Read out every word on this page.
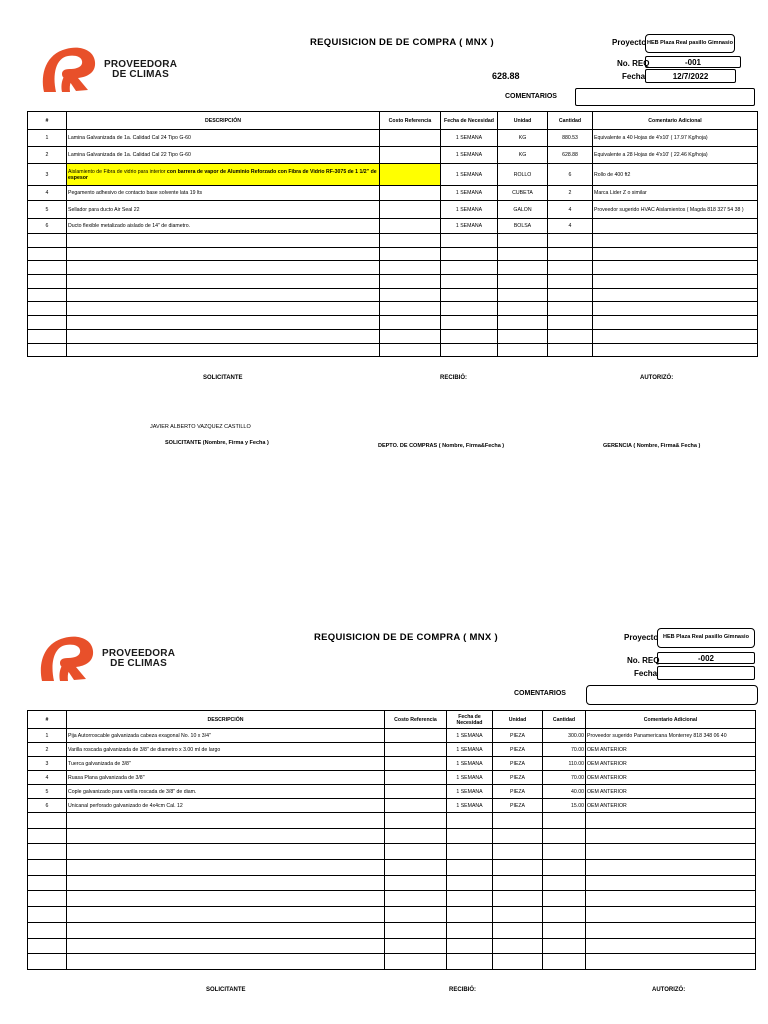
PROVEEDORA
DE CLIMAS
REQUISICION DE DE COMPRA ( MNX )	Proyecto HEB Plaza Real pasillo Gimnasio
No. REQ	-001
Fecha	12/7/2022
628.88
COMENTARIOS
#	DESCRIPCIÓN	Costo Referencia	Fecha de Necesidad	Unidad	Cantidad	Comentario Adicional
1	Lamina Galvanizada de 1a. Calidad Cal 24 Tipo G-60		1 SEMANA	KG	880.53	Equivalente a 40 Hojas de 4'x10' ( 17.97 Kg/hoja)
2	Lamina Galvanizada de 1a. Calidad Cal 22 Tipo G-60		1 SEMANA	KG	628.88	Equivalente a 28 Hojas de 4'x10' ( 22.46 Kg/hoja)
3	Aislamiento de Fibra de vidrio para interior con barrera de vapor de Aluminio Reforzado con Fibra de Vidrio RF-3075 de 1 1/2" de espesor		1 SEMANA	ROLLO	6	Rollo de 400 ft2
4	Pegamento adhesivo de contacto base solvente lata 19 lts		1 SEMANA	CUBETA	2	Marca Lider Z o similar
5	Sellador para ducto Air Seal 22		1 SEMANA	GALON	4	Proveedor sugerido HVAC Aislamientos ( Magda 818 327 54 38 )
6	Ducto flexible metalizado aislado de 14" de diametro.		1 SEMANA	BOLSA	4	

SOLICITANTE	RECIBIÓ:	AUTORIZÓ:
JAVIER ALBERTO VAZQUEZ CASTILLO
SOLICITANTE (Nombre, Firma y Fecha )	DEPTO. DE COMPRAS ( Nombre, Firma&Fecha )	GERENCIA ( Nombre, Firma& Fecha )
PROVEEDORA
DE CLIMAS
REQUISICION DE DE COMPRA ( MNX )	Proyecto HEB Plaza Real pasillo Gimnasio
No. REQ	-002
Fecha
COMENTARIOS
#	DESCRIPCIÓN	Costo Referencia	Fecha de Necesidad	Unidad	Cantidad	Comentario Adicional
1	Pija Autorroscable galvanizada cabeza exagonal No. 10 x 3/4"		1 SEMANA	PIEZA	300.00	Proveedor sugerido Panamericana Monterrey 818 348 06 40
2	Varilla roscada galvanizada de 3/8" de diametro x 3.00 ml de largo		1 SEMANA	PIEZA	70.00	OEM ANTERIOR
3	Tuerca galvanizada de 3/8"		1 SEMANA	PIEZA	110.00	OEM ANTERIOR
4	Ruasa Plana galvanizada de 3/8"		1 SEMANA	PIEZA	70.00	OEM ANTERIOR
5	Cople galvanizado para varilla roscada de 3/8" de diam.		1 SEMANA	PIEZA	40.00	OEM ANTERIOR
6	Unicanal perforado galvanizado de 4x4cm Cal. 12		1 SEMANA	PIEZA	15.00	OEM ANTERIOR

SOLICITANTE	RECIBIÓ:	AUTORIZÓ:
